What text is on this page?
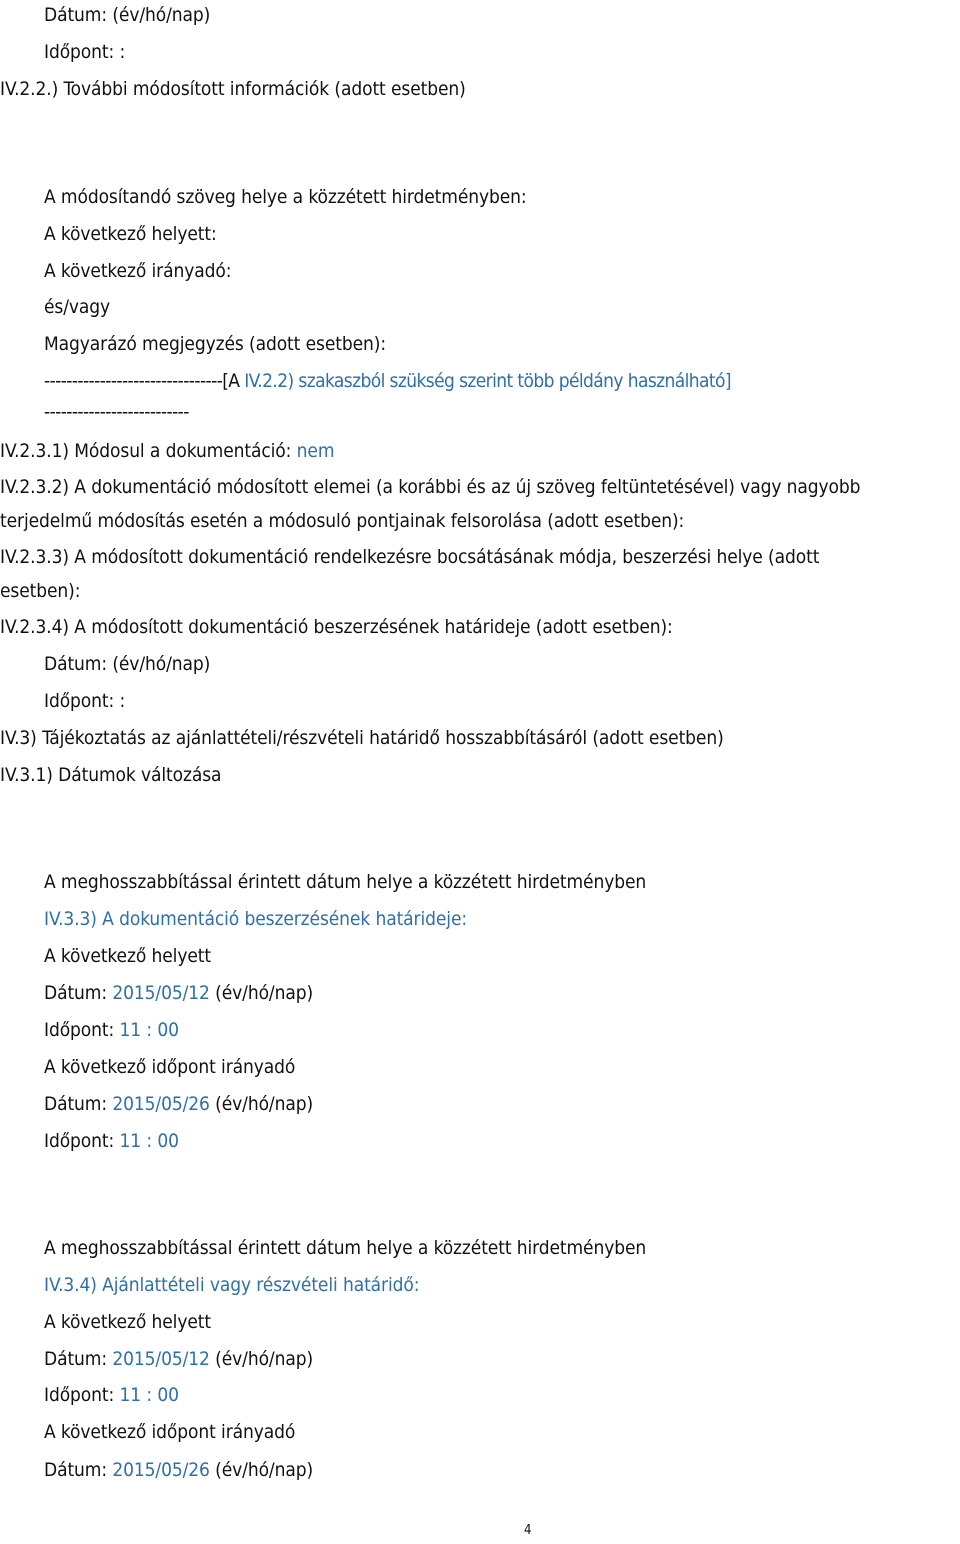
Dátum: (év/hó/nap)
Időpont: :
IV.2.2.) További módosított információk (adott esetben)
A módosítandó szöveg helye a közzétett hirdetményben:
A következő helyett:
A következő irányadó:
és/vagy
Magyarázó megjegyzés (adott esetben):
--------------------------------[A IV.2.2) szakaszból szükség szerint több példány használható]
--------------------------
IV.2.3.1) Módosul a dokumentáció: nem
IV.2.3.2) A dokumentáció módosított elemei (a korábbi és az új szöveg feltüntetésével) vagy nagyobb
terjedelmű módosítás esetén a módosuló pontjainak felsorolása (adott esetben):
IV.2.3.3) A módosított dokumentáció rendelkezésre bocsátásának módja, beszerzési helye (adott
esetben):
IV.2.3.4) A módosított dokumentáció beszerzésének határideje (adott esetben):
Dátum: (év/hó/nap)
Időpont: :
IV.3) Tájékoztatás az ajánlattételi/részvételi határidő hosszabbításáról (adott esetben)
IV.3.1) Dátumok változása
A meghosszabbítással érintett dátum helye a közzétett hirdetményben
IV.3.3) A dokumentáció beszerzésének határideje:
A következő helyett
Dátum: 2015/05/12 (év/hó/nap)
Időpont: 11 : 00
A következő időpont irányadó
Dátum: 2015/05/26 (év/hó/nap)
Időpont: 11 : 00
A meghosszabbítással érintett dátum helye a közzétett hirdetményben
IV.3.4) Ajánlattételi vagy részvételi határidő:
A következő helyett
Dátum: 2015/05/12 (év/hó/nap)
Időpont: 11 : 00
A következő időpont irányadó
Dátum: 2015/05/26 (év/hó/nap)
4
